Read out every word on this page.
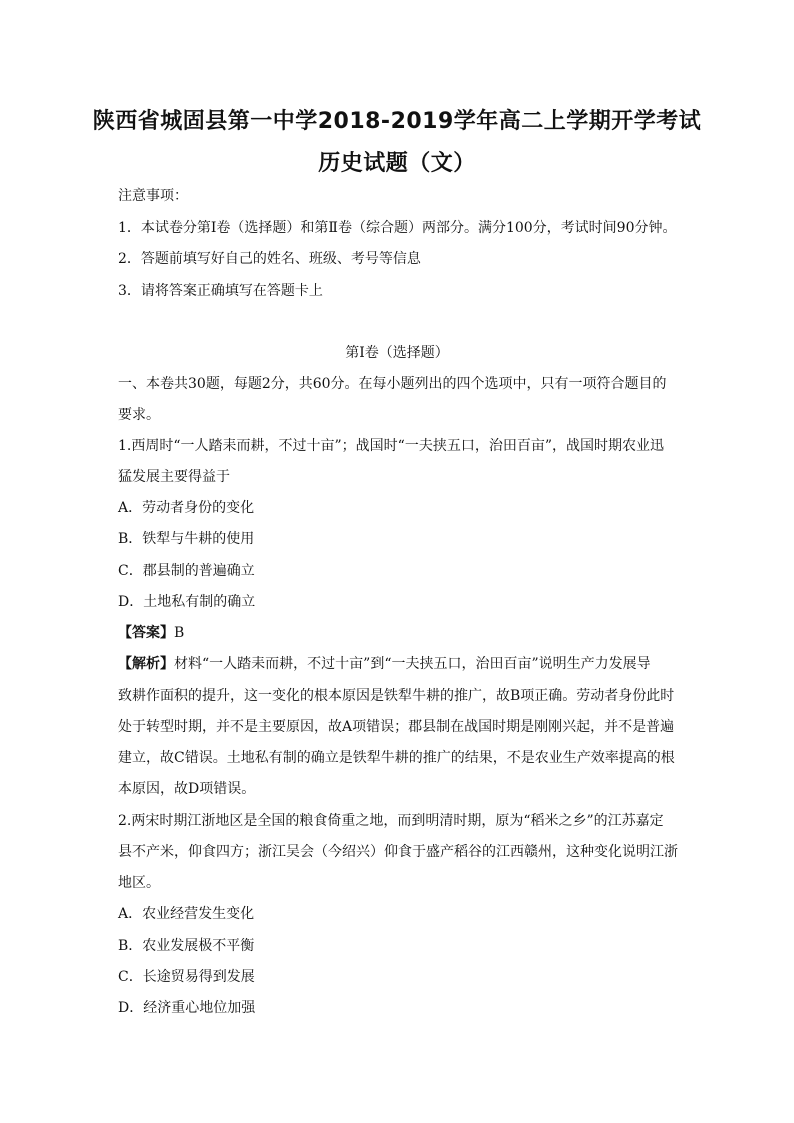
陕西省城固县第一中学2018-2019学年高二上学期开学考试
历史试题（文）
注意事项：
1．本试卷分第Ⅰ卷（选择题）和第Ⅱ卷（综合题）两部分。满分100分，考试时间90分钟。
2．答题前填写好自己的姓名、班级、考号等信息
3．请将答案正确填写在答题卡上
第Ⅰ卷（选择题）
一、本卷共30题，每题2分，共60分。在每小题列出的四个选项中，只有一项符合题目的
要求。
1.西周时“一人踏耒而耕，不过十亩”；战国时“一夫挟五口，治田百亩”，战国时期农业迅
猛发展主要得益于
A．劳动者身份的变化
B．铁犁与牛耕的使用
C．郡县制的普遍确立
D．土地私有制的确立
【答案】B
【解析】材料“一人踏耒而耕，不过十亩”到“一夫挟五口，治田百亩”说明生产力发展导
致耕作面积的提升，这一变化的根本原因是铁犁牛耕的推广，故B项正确。劳动者身份此时
处于转型时期，并不是主要原因，故A项错误；郡县制在战国时期是刚刚兴起，并不是普遍
建立，故C错误。土地私有制的确立是铁犁牛耕的推广的结果，不是农业生产效率提高的根
本原因，故D项错误。
2.两宋时期江浙地区是全国的粮食倚重之地，而到明清时期，原为“稻米之乡”的江苏嘉定
县不产米，仰食四方；浙江吴会（今绍兴）仰食于盛产稻谷的江西赣州，这种变化说明江浙
地区。
A．农业经营发生变化
B．农业发展极不平衡
C．长途贸易得到发展
D．经济重心地位加强
